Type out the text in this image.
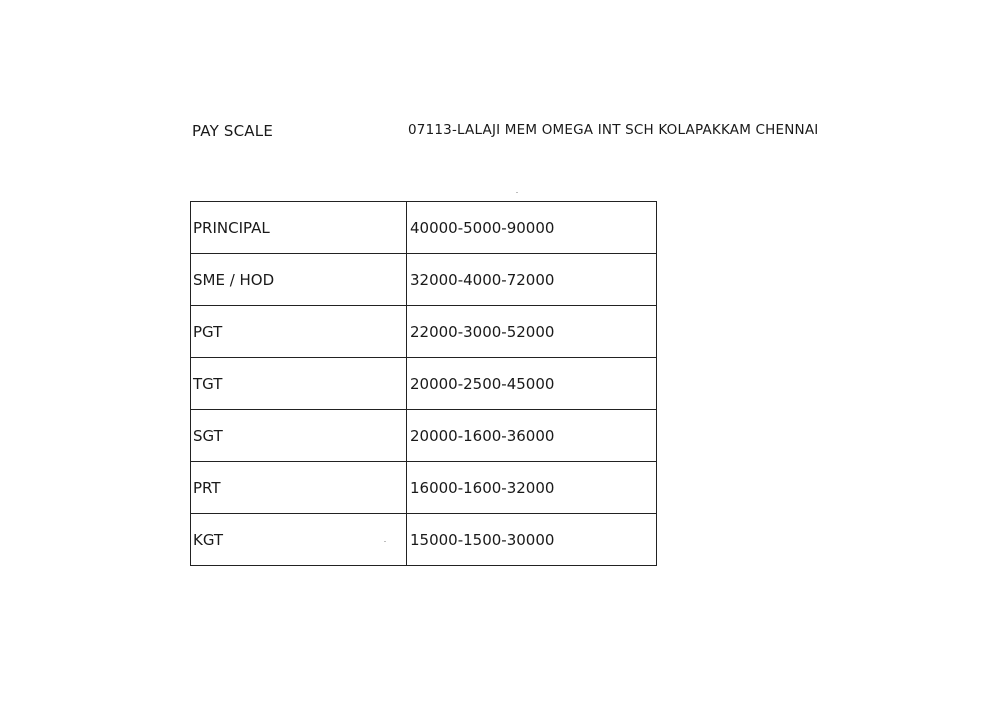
PAY SCALE	07113-LALAJI MEM OMEGA INT SCH KOLAPAKKAM CHENNAI
PRINCIPAL	40000-5000-90000
SME / HOD	32000-4000-72000
PGT	22000-3000-52000
TGT	20000-2500-45000
SGT	20000-1600-36000
PRT	16000-1600-32000
KGT	15000-1500-30000
